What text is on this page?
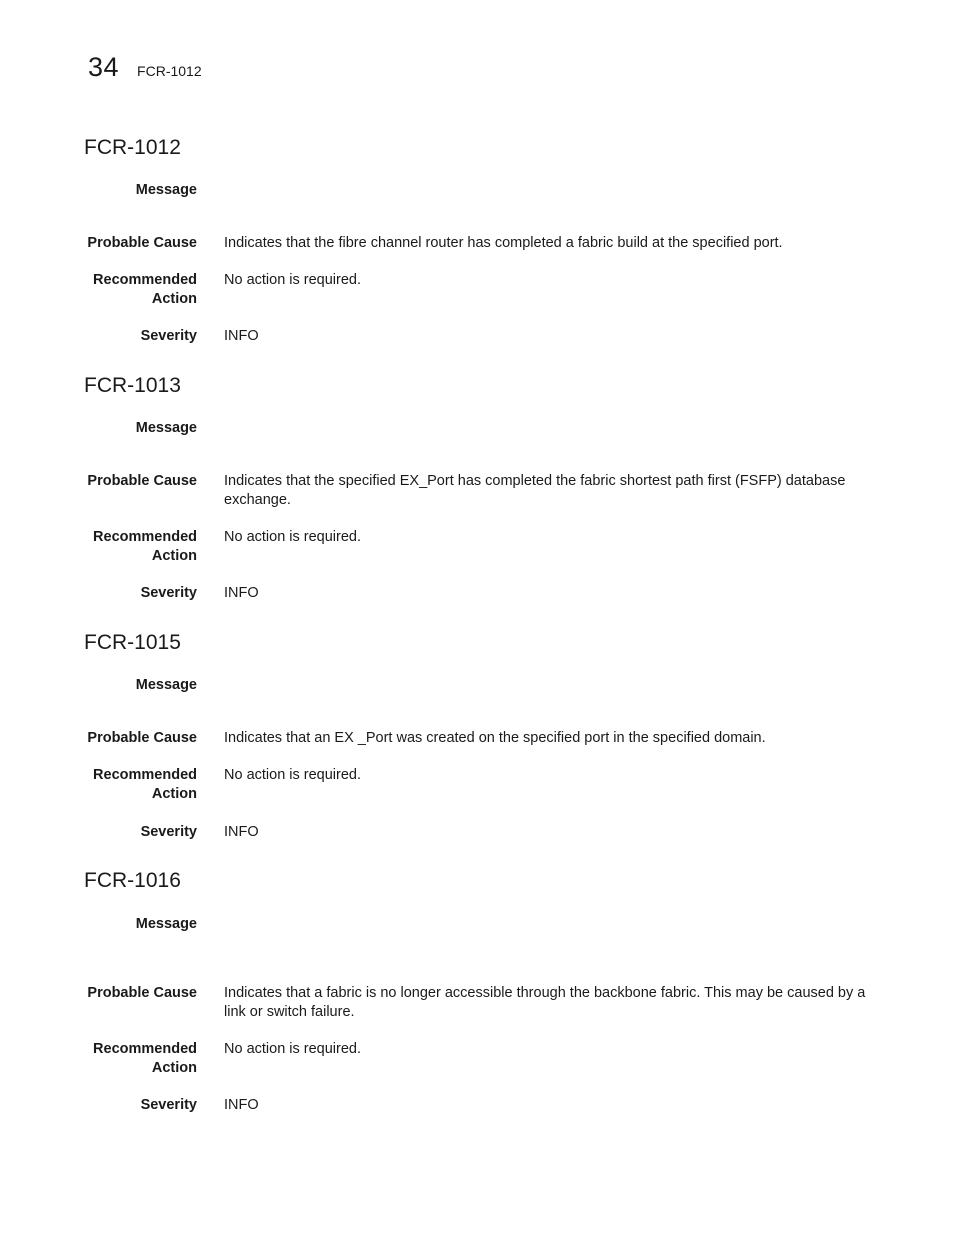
34 FCR-1012
FCR-1012
Message
Probable Cause Indicates that the fibre channel router has completed a fabric build at the specified port.
Recommended Action
No action is required.
Severity INFO
FCR-1013
Message
Probable Cause Indicates that the specified EX_Port has completed the fabric shortest path first (FSFP) database exchange.
Recommended Action
No action is required.
Severity INFO
FCR-1015
Message
Probable Cause Indicates that an EX _Port was created on the specified port in the specified domain.
Recommended Action
No action is required.
Severity INFO
FCR-1016
Message
Probable Cause Indicates that a fabric is no longer accessible through the backbone fabric. This may be caused by a link or switch failure.
Recommended Action
No action is required.
Severity INFO
